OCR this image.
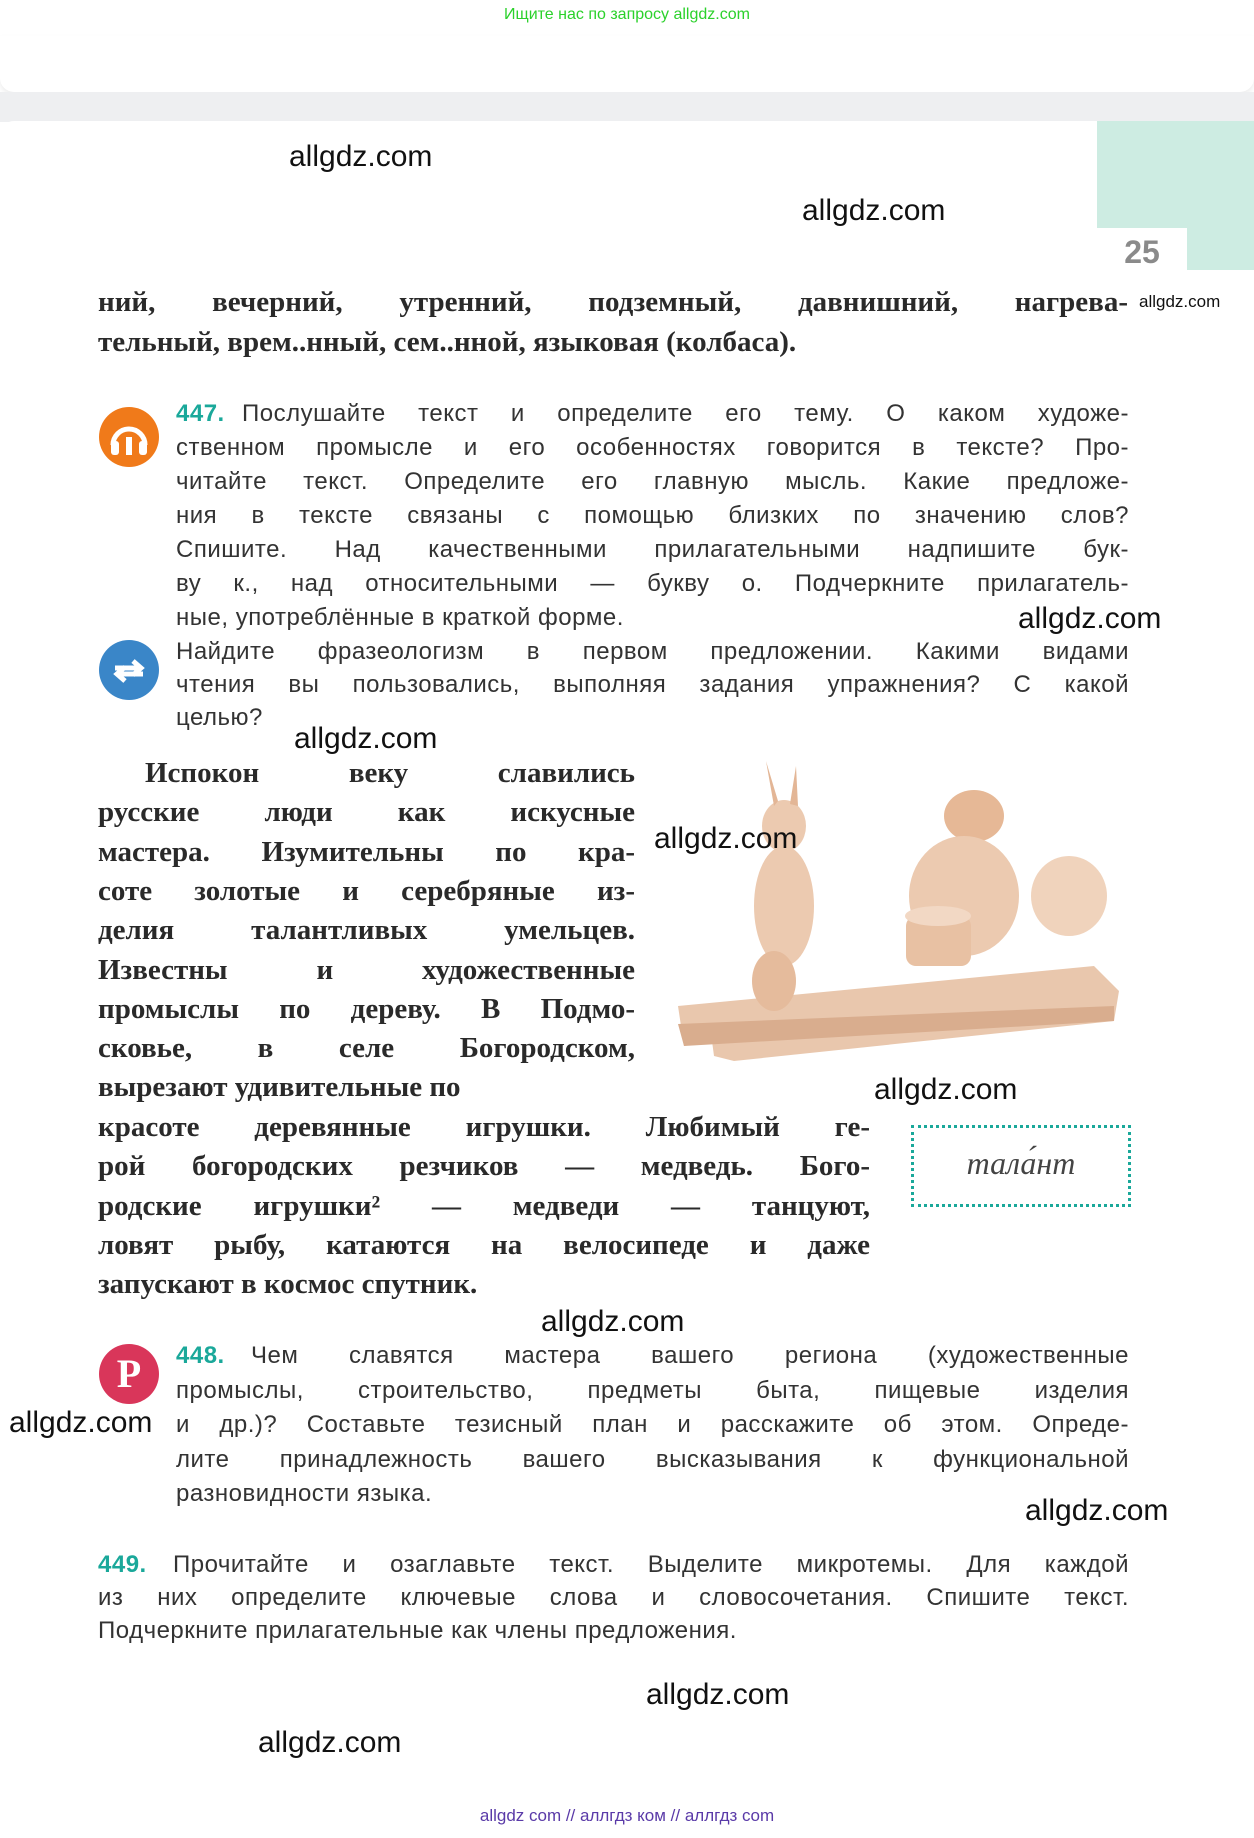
Ищите нас по запросу allgdz.com
25
ний, вечерний, утренний, подземный, давнишний, нагрева-
тельный, врем..нный, сем..нной, языковая (колбаса).
Послушайте текст и определите его тему. О каком художе-
ственном промысле и его особенностях говорится в тексте? Про-
читайте текст. Определите его главную мысль. Какие предложе-
ния в тексте связаны с помощью близких по значению слов?
Спишите. Над качественными прилагательными надпишите бук-
ву к., над относительными — букву о. Подчеркните прилагатель-
ные, употреблённые в краткой форме.
447.
Найдите фразеологизм в первом предложении. Какими видами
чтения вы пользовались, выполняя задания упражнения? С какой
целью?
Испокон веку славились
русские люди как искусные
мастера. Изумительны по кра-
соте золотые и серебряные из-
делия талантливых умельцев.
Известны и художественные
промыслы по дереву. В Подмо-
сковье, в селе Богородском,
вырезают удивительные по
красоте деревянные игрушки. Любимый ге-
рой богородских резчиков — медведь. Бого-
родские игрушки² — медведи — танцуют,
ловят рыбу, катаются на велосипеде и даже
запускают в космос спутник.
Чем славятся мастера вашего региона (художественные
промыслы, строительство, предметы быта, пищевые изделия
и др.)? Составьте тезисный план и расскажите об этом. Опреде-
лите принадлежность вашего высказывания к функциональной
разновидности языка.
448.
Прочитайте и озаглавьте текст. Выделите микротемы. Для каждой
из них определите ключевые слова и словосочетания. Спишите текст.
Подчеркните прилагательные как члены предложения.
449.
Р
тала́нт
allgdz.com
allgdz.com
allgdz.com
allgdz.com
allgdz.com
allgdz.com
allgdz.com
allgdz.com
allgdz.com
allgdz.com
allgdz.com
allgdz.com
allgdz com // аллгдз ком // аллгдз com
